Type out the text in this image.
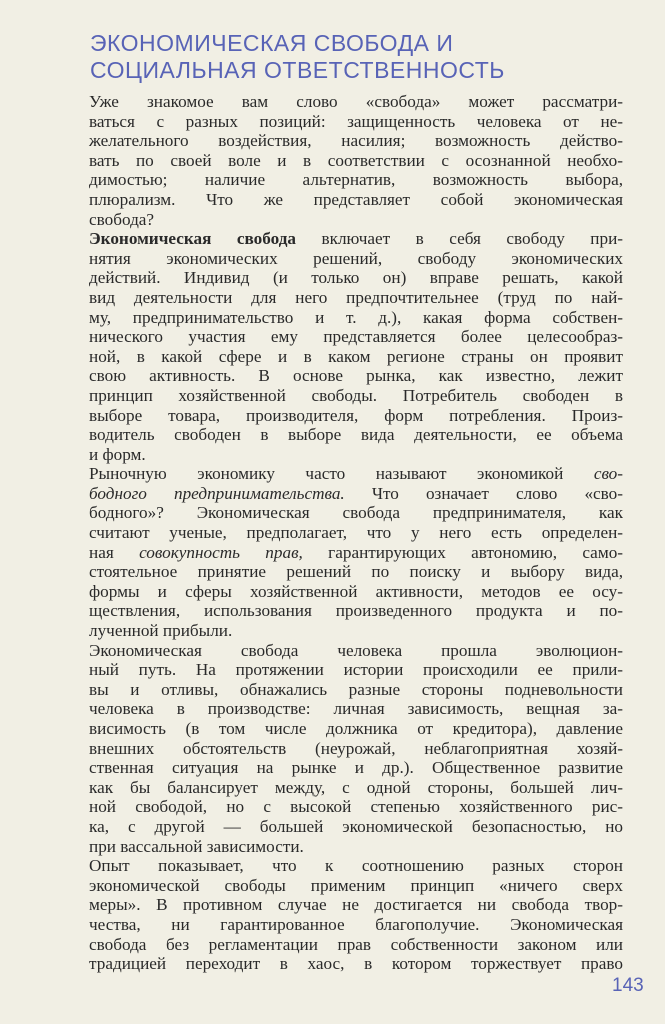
ЭКОНОМИЧЕСКАЯ СВОБОДА И
СОЦИАЛЬНАЯ ОТВЕТСТВЕННОСТЬ
Уже знакомое вам слово «свобода» может рассматри-
ваться с разных позиций: защищенность человека от не-
желательного воздействия, насилия; возможность действо-
вать по своей воле и в соответствии с осознанной необхо-
димостью; наличие альтернатив, возможность выбора,
плюрализм. Что же представляет собой экономическая
свобода?
Экономическая свобода включает в себя свободу при-
нятия экономических решений, свободу экономических
действий. Индивид (и только он) вправе решать, какой
вид деятельности для него предпочтительнее (труд по най-
му, предпринимательство и т. д.), какая форма собствен-
нического участия ему представляется более целесообраз-
ной, в какой сфере и в каком регионе страны он проявит
свою активность. В основе рынка, как известно, лежит
принцип хозяйственной свободы. Потребитель свободен в
выборе товара, производителя, форм потребления. Произ-
водитель свободен в выборе вида деятельности, ее объема
и форм.
Рыночную экономику часто называют экономикой сво-
бодного предпринимательства. Что означает слово «сво-
бодного»? Экономическая свобода предпринимателя, как
считают ученые, предполагает, что у него есть определен-
ная совокупность прав, гарантирующих автономию, само-
стоятельное принятие решений по поиску и выбору вида,
формы и сферы хозяйственной активности, методов ее осу-
ществления, использования произведенного продукта и по-
лученной прибыли.
Экономическая свобода человека прошла эволюцион-
ный путь. На протяжении истории происходили ее прили-
вы и отливы, обнажались разные стороны подневольности
человека в производстве: личная зависимость, вещная за-
висимость (в том числе должника от кредитора), давление
внешних обстоятельств (неурожай, неблагоприятная хозяй-
ственная ситуация на рынке и др.). Общественное развитие
как бы балансирует между, с одной стороны, большей лич-
ной свободой, но с высокой степенью хозяйственного рис-
ка, с другой — большей экономической безопасностью, но
при вассальной зависимости.
Опыт показывает, что к соотношению разных сторон
экономической свободы применим принцип «ничего сверх
меры». В противном случае не достигается ни свобода твор-
чества, ни гарантированное благополучие. Экономическая
свобода без регламентации прав собственности законом или
традицией переходит в хаос, в котором торжествует право
143
